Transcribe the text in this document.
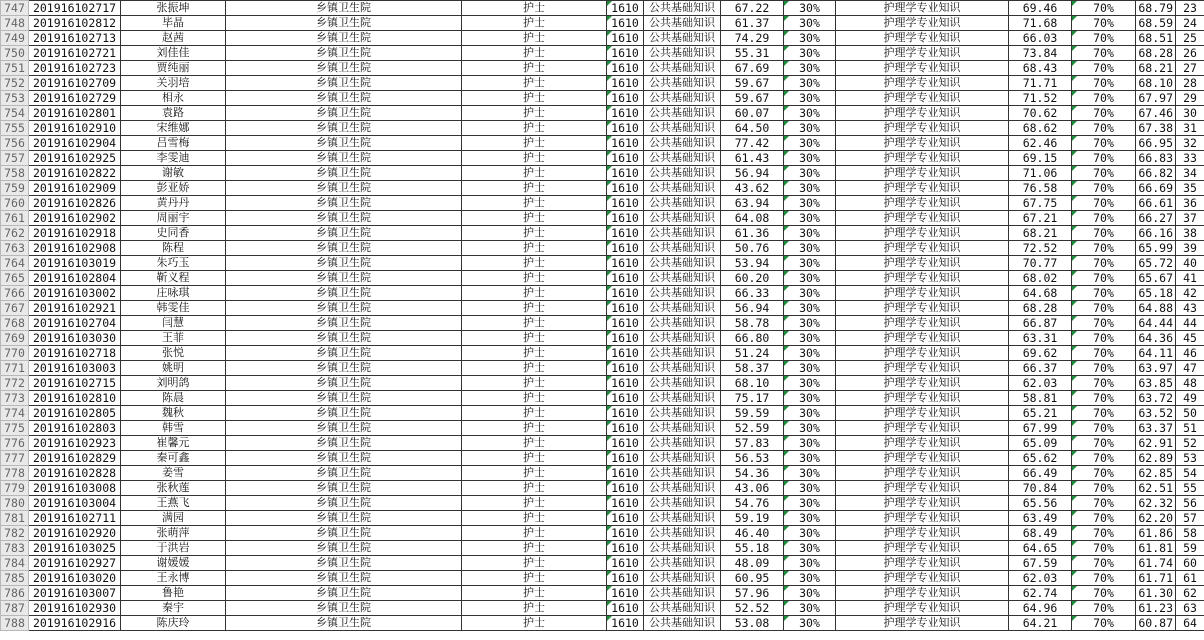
747	201916102717	张振坤	乡镇卫生院	护士	1610	公共基础知识	67.22	30%	护理学专业知识	69.46	70%	68.79	23
748	201916102812	毕晶	乡镇卫生院	护士	1610	公共基础知识	61.37	30%	护理学专业知识	71.68	70%	68.59	24
749	201916102713	赵茜	乡镇卫生院	护士	1610	公共基础知识	74.29	30%	护理学专业知识	66.03	70%	68.51	25
750	201916102721	刘佳佳	乡镇卫生院	护士	1610	公共基础知识	55.31	30%	护理学专业知识	73.84	70%	68.28	26
751	201916102723	贾纯丽	乡镇卫生院	护士	1610	公共基础知识	67.69	30%	护理学专业知识	68.43	70%	68.21	27
752	201916102709	关羽培	乡镇卫生院	护士	1610	公共基础知识	59.67	30%	护理学专业知识	71.71	70%	68.10	28
753	201916102729	相永	乡镇卫生院	护士	1610	公共基础知识	59.67	30%	护理学专业知识	71.52	70%	67.97	29
754	201916102801	袁路	乡镇卫生院	护士	1610	公共基础知识	60.07	30%	护理学专业知识	70.62	70%	67.46	30
755	201916102910	宋维娜	乡镇卫生院	护士	1610	公共基础知识	64.50	30%	护理学专业知识	68.62	70%	67.38	31
756	201916102904	吕雪梅	乡镇卫生院	护士	1610	公共基础知识	77.42	30%	护理学专业知识	62.46	70%	66.95	32
757	201916102925	李雯迪	乡镇卫生院	护士	1610	公共基础知识	61.43	30%	护理学专业知识	69.15	70%	66.83	33
758	201916102822	谢敏	乡镇卫生院	护士	1610	公共基础知识	56.94	30%	护理学专业知识	71.06	70%	66.82	34
759	201916102909	彭亚娇	乡镇卫生院	护士	1610	公共基础知识	43.62	30%	护理学专业知识	76.58	70%	66.69	35
760	201916102826	黄丹丹	乡镇卫生院	护士	1610	公共基础知识	63.94	30%	护理学专业知识	67.75	70%	66.61	36
761	201916102902	周丽宇	乡镇卫生院	护士	1610	公共基础知识	64.08	30%	护理学专业知识	67.21	70%	66.27	37
762	201916102918	史同香	乡镇卫生院	护士	1610	公共基础知识	61.36	30%	护理学专业知识	68.21	70%	66.16	38
763	201916102908	陈程	乡镇卫生院	护士	1610	公共基础知识	50.76	30%	护理学专业知识	72.52	70%	65.99	39
764	201916103019	朱巧玉	乡镇卫生院	护士	1610	公共基础知识	53.94	30%	护理学专业知识	70.77	70%	65.72	40
765	201916102804	靳义程	乡镇卫生院	护士	1610	公共基础知识	60.20	30%	护理学专业知识	68.02	70%	65.67	41
766	201916103002	庄咏琪	乡镇卫生院	护士	1610	公共基础知识	66.33	30%	护理学专业知识	64.68	70%	65.18	42
767	201916102921	韩雯佳	乡镇卫生院	护士	1610	公共基础知识	56.94	30%	护理学专业知识	68.28	70%	64.88	43
768	201916102704	闫慧	乡镇卫生院	护士	1610	公共基础知识	58.78	30%	护理学专业知识	66.87	70%	64.44	44
769	201916103030	王菲	乡镇卫生院	护士	1610	公共基础知识	66.80	30%	护理学专业知识	63.31	70%	64.36	45
770	201916102718	张悦	乡镇卫生院	护士	1610	公共基础知识	51.24	30%	护理学专业知识	69.62	70%	64.11	46
771	201916103003	姚明	乡镇卫生院	护士	1610	公共基础知识	58.37	30%	护理学专业知识	66.37	70%	63.97	47
772	201916102715	刘明鸽	乡镇卫生院	护士	1610	公共基础知识	68.10	30%	护理学专业知识	62.03	70%	63.85	48
773	201916102810	陈晨	乡镇卫生院	护士	1610	公共基础知识	75.17	30%	护理学专业知识	58.81	70%	63.72	49
774	201916102805	魏秋	乡镇卫生院	护士	1610	公共基础知识	59.59	30%	护理学专业知识	65.21	70%	63.52	50
775	201916102803	韩雪	乡镇卫生院	护士	1610	公共基础知识	52.59	30%	护理学专业知识	67.99	70%	63.37	51
776	201916102923	崔馨元	乡镇卫生院	护士	1610	公共基础知识	57.83	30%	护理学专业知识	65.09	70%	62.91	52
777	201916102829	秦可鑫	乡镇卫生院	护士	1610	公共基础知识	56.53	30%	护理学专业知识	65.62	70%	62.89	53
778	201916102828	姜雪	乡镇卫生院	护士	1610	公共基础知识	54.36	30%	护理学专业知识	66.49	70%	62.85	54
779	201916103008	张秋莲	乡镇卫生院	护士	1610	公共基础知识	43.06	30%	护理学专业知识	70.84	70%	62.51	55
780	201916103004	王燕飞	乡镇卫生院	护士	1610	公共基础知识	54.76	30%	护理学专业知识	65.56	70%	62.32	56
781	201916102711	满园	乡镇卫生院	护士	1610	公共基础知识	59.19	30%	护理学专业知识	63.49	70%	62.20	57
782	201916102920	张萌萍	乡镇卫生院	护士	1610	公共基础知识	46.40	30%	护理学专业知识	68.49	70%	61.86	58
783	201916103025	于洪岩	乡镇卫生院	护士	1610	公共基础知识	55.18	30%	护理学专业知识	64.65	70%	61.81	59
784	201916102927	谢媛媛	乡镇卫生院	护士	1610	公共基础知识	48.09	30%	护理学专业知识	67.59	70%	61.74	60
785	201916103020	王永博	乡镇卫生院	护士	1610	公共基础知识	60.95	30%	护理学专业知识	62.03	70%	61.71	61
786	201916103007	鲁艳	乡镇卫生院	护士	1610	公共基础知识	57.96	30%	护理学专业知识	62.74	70%	61.30	62
787	201916102930	秦宇	乡镇卫生院	护士	1610	公共基础知识	52.52	30%	护理学专业知识	64.96	70%	61.23	63
788	201916102916	陈庆玲	乡镇卫生院	护士	1610	公共基础知识	53.08	30%	护理学专业知识	64.21	70%	60.87	64
